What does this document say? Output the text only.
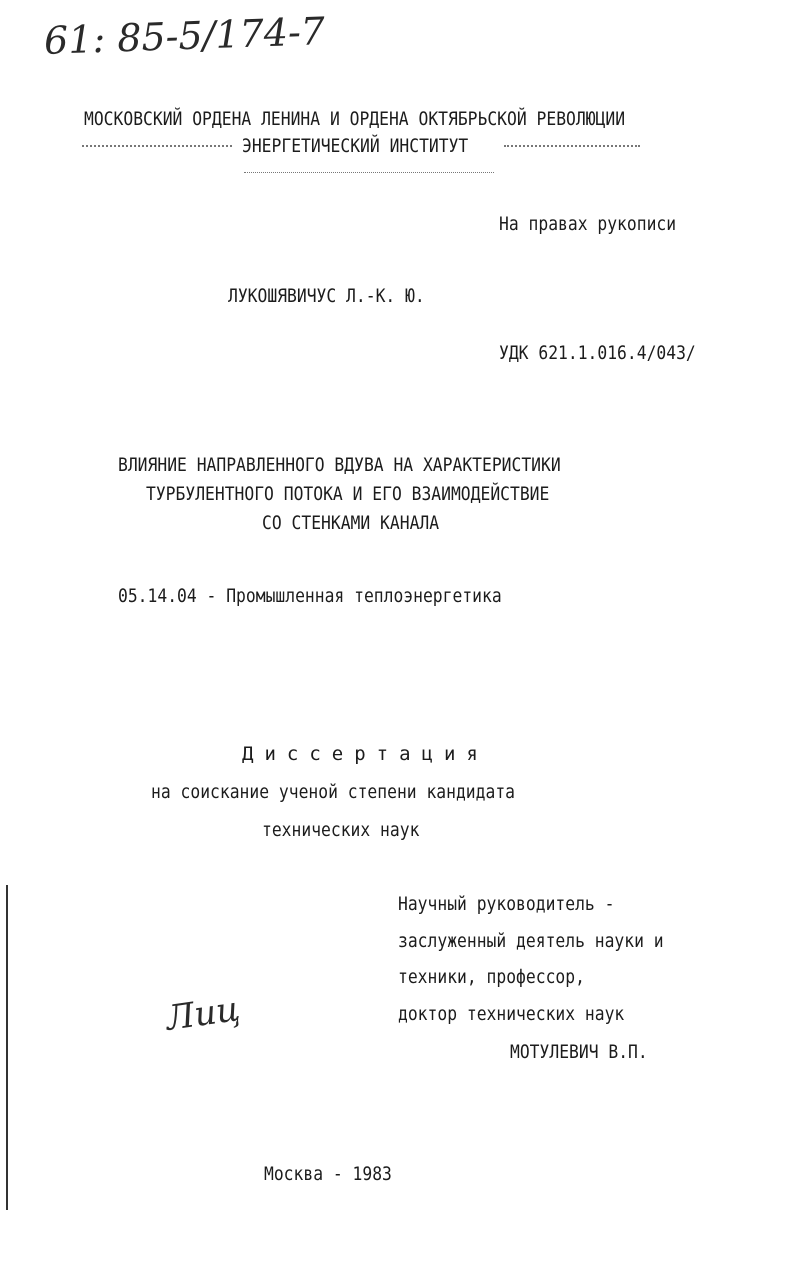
61: 85-5/174-7
МОСКОВСКИЙ ОРДЕНА ЛЕНИНА И ОРДЕНА ОКТЯБРЬСКОЙ РЕВОЛЮЦИИ
ЭНЕРГЕТИЧЕСКИЙ ИНСТИТУТ
На правах рукописи
ЛУКОШЯВИЧУС Л.-К. Ю.
УДК 621.1.016.4/043/
ВЛИЯНИЕ НАПРАВЛЕННОГО ВДУВА НА ХАРАКТЕРИСТИКИ
ТУРБУЛЕНТНОГО ПОТОКА И ЕГО ВЗАИМОДЕЙСТВИЕ
СО СТЕНКАМИ КАНАЛА
05.14.04 - Промышленная теплоэнергетика
Диссертация
на соискание ученой степени кандидата
технических наук
Научный руководитель -
заслуженный деятель науки и
техники, профессор,
доктор технических наук
МОТУЛЕВИЧ В.П.
Лиц
Москва - 1983
